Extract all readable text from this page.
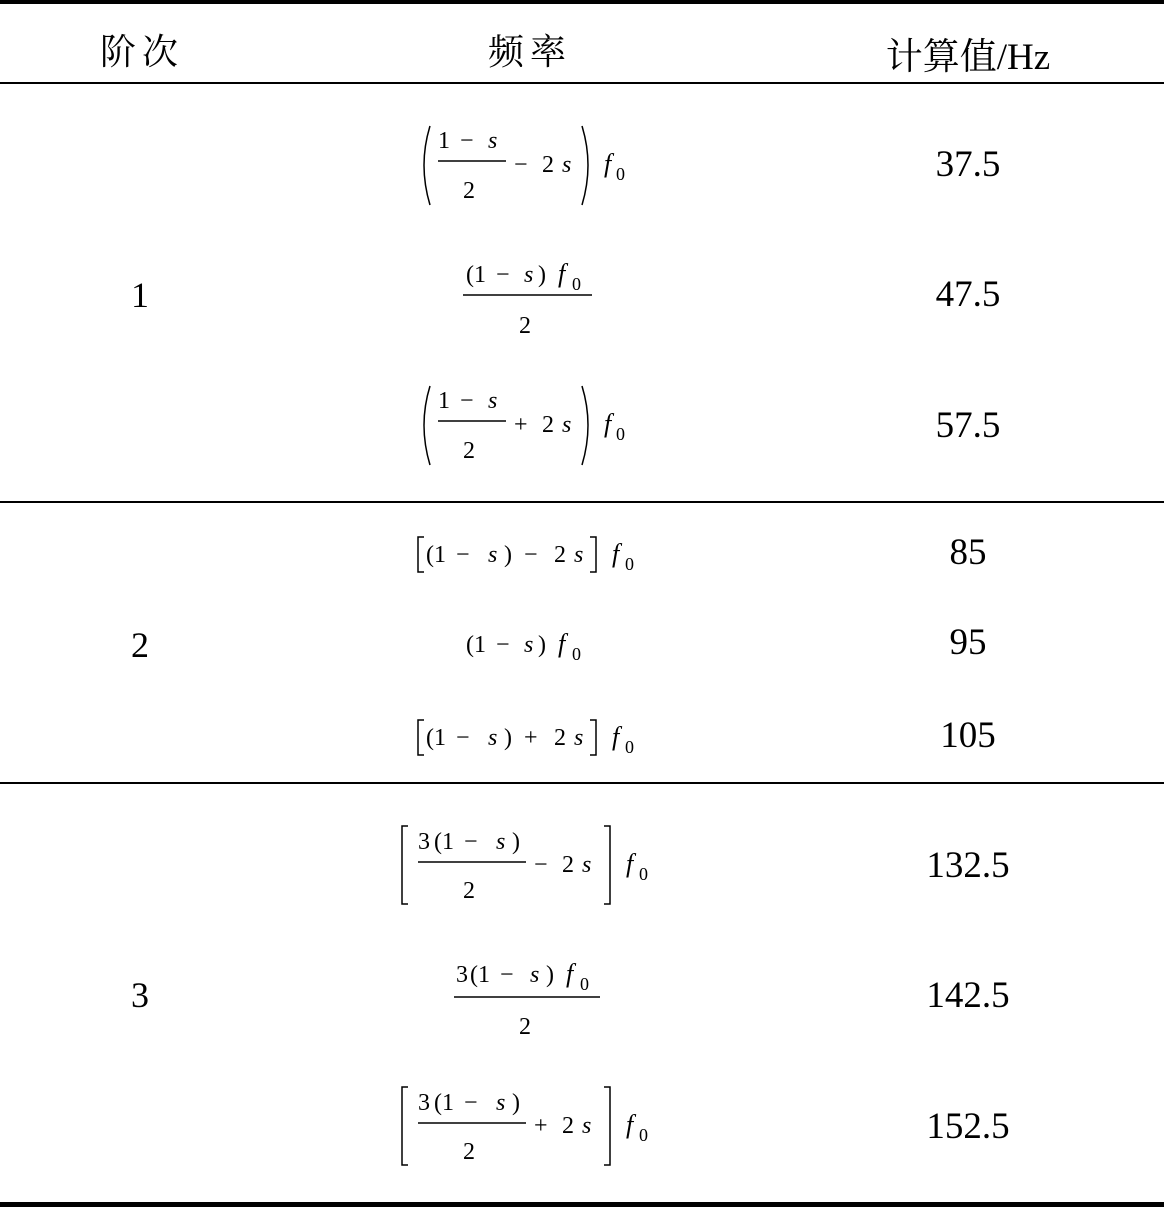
阶次	频率	计算值/Hz
1
2
3
37.5
47.5
57.5
85
95
105
132.5
142.5
152.5
1 − s
2
− 2 s f 0
( 1 − s ) f 0
2
1 − s
2
+ 2 s f 0
( 1 − s ) − 2 s f 0
( 1 − s ) f 0
( 1 − s ) + 2 s f 0
3 ( 1 − s )
2
− 2 s f 0
3 ( 1 − s ) f 0
2
3 ( 1 − s )
2
+ 2 s f 0
